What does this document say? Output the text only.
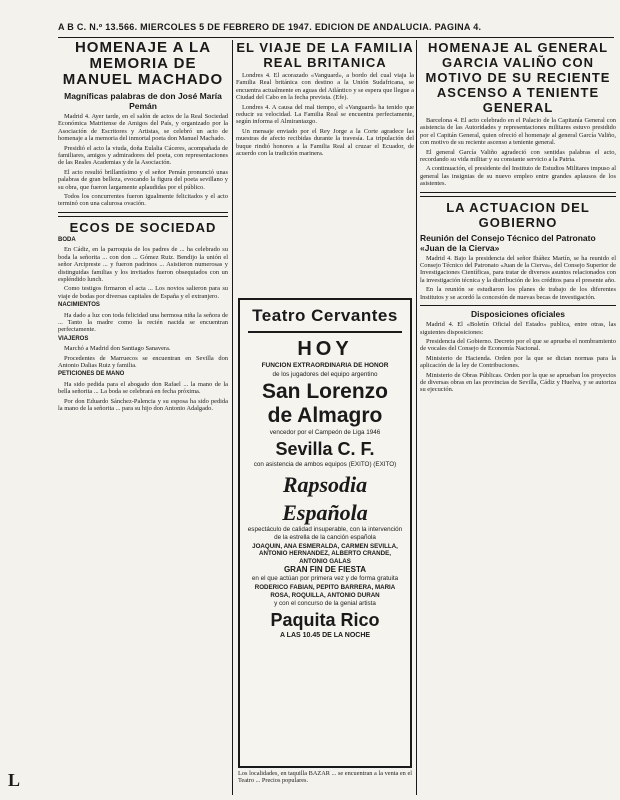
A B C. N.º 13.566. MIERCOLES 5 DE FEBRERO DE 1947. EDICION DE ANDALUCIA. PAGINA 4.
HOMENAJE A LA MEMORIA DE MANUEL MACHADO
Magníficas palabras de don José María Pemán

Madrid 4. Ayer tarde, en el salón de actos de la Real Sociedad Económica Matritense de Amigos del País, y organizado por la Asociación de Escritores y Artistas, se celebró un acto de homenaje a la memoria del inmortal poeta don Manuel Machado.

Presidió el acto la viuda, doña Eulalia Cáceres, acompañada de familiares, amigos y admiradores del poeta, con representaciones de las Reales Academias y de la Asociación.

El acto resultó brillantísimo y el señor Pemán pronunció unas palabras de gran belleza, evocando la figura del poeta sevillano y su obra, que fueron largamente aplaudidas por el público.

Todos los concurrentes fueron igualmente felicitados y el acto terminó con una calurosa ovación.

ECOS DE SOCIEDAD

BODA

En Cádiz, en la parroquia de los padres de ... ha celebrado su boda la señorita ... con don ... Gómez Ruiz. Bendijo la unión el señor Arcipreste ... y fueron padrinos ... Asistieron numerosas y distinguidas familias y los invitados fueron obsequiados con un espléndido lunch.

Como testigos firmaron el acta ... Los novios salieron para su viaje de bodas por diversas capitales de España y el extranjero.

NACIMIENTOS

Ha dado a luz con toda felicidad una hermosa niña la señora de ... Tanto la madre como la recién nacida se encuentran perfectamente.

VIAJEROS

Marchó a Madrid don Santiago Sanavera.

Procedentes de Marruecos se encuentran en Sevilla don Antonio Dalias Ruiz y familia.

PETICIONES DE MANO

Ha sido pedida para el abogado don Rafael ... la mano de la bella señorita ... La boda se celebrará en fecha próxima.

Por don Eduardo Sánchez-Palencia y su esposa ha sido pedida la mano de la señorita ... para su hijo don Antonio Adalgado.

EL VIAJE DE LA FAMILIA REAL BRITANICA

Londres 4. El acorazado «Vanguard», a bordo del cual viaja la Familia Real británica con destino a la Unión Sudafricana, se encuentra actualmente en aguas del Atlántico y se espera que llegue a Ciudad del Cabo en la fecha prevista. (Efe).

Londres 4. A causa del mal tiempo, el «Vanguard» ha tenido que reducir su velocidad. La Familia Real se encuentra perfectamente, según informa el Almirantazgo.

Un mensaje enviado por el Rey Jorge a la Corte agradece las muestras de afecto recibidas durante la travesía. La tripulación del buque rindió honores a la Familia Real al cruzar el Ecuador, de acuerdo con la tradición marinera.

Teatro Cervantes
HOY
FUNCION EXTRAORDINARIA DE HONOR
de los jugadores del equipo argentino
San Lorenzo
de Almagro
vencedor por el Campeón de Liga 1946
Sevilla C. F.
con asistencia de ambos equipos (EXITO) (EXITO)
Rapsodia
Española
espectáculo de calidad insuperable, con la intervención de la estrella de la canción española
JOAQUIN, ANA ESMERALDA, CARMEN SEVILLA, ANTONIO HERNANDEZ, ALBERTO CRANDE, ANTONIO GALAS
GRAN FIN DE FIESTA
en el que actúan por primera vez y de forma gratuita
RODERICO FABIAN, PEPITO BARRERA, MARIA ROSA, ROQUILLA, ANTONIO DURAN
y con el concurso de la genial artista
Paquita Rico
A LAS 10.45 DE LA NOCHE
Los localidades, en taquilla BAZAR ... se encuentran a la venta en el Teatro ... Precios populares.
HOMENAJE AL GENERAL GARCIA VALIÑO CON MOTIVO DE SU RECIENTE ASCENSO A TENIENTE GENERAL

Barcelona 4. El acto celebrado en el Palacio de la Capitanía General con asistencia de las Autoridades y representaciones militares estuvo presidido por el Capitán General, quien ofreció el homenaje al general García Valiño, con motivo de su reciente ascenso a teniente general.

El general García Valiño agradeció con sentidas palabras el acto, recordando su vida militar y su constante servicio a la Patria.

A continuación, el presidente del Instituto de Estudios Militares impuso al general las insignias de su nuevo empleo entre grandes aplausos de los asistentes.

LA ACTUACION DEL GOBIERNO
Reunión del Consejo Técnico del Patronato «Juan de la Cierva»

Madrid 4. Bajo la presidencia del señor Ibáñez Martín, se ha reunido el Consejo Técnico del Patronato «Juan de la Cierva», del Consejo Superior de Investigaciones Científicas, para tratar de diversos asuntos relacionados con la investigación técnica y la distribución de los créditos para el presente año.

En la reunión se estudiaron los planes de trabajo de los diferentes Institutos y se acordó la concesión de nuevas becas de investigación.

Disposiciones oficiales

Madrid 4. El «Boletín Oficial del Estado» publica, entre otras, las siguientes disposiciones:

Presidencia del Gobierno. Decreto por el que se aprueba el nombramiento de vocales del Consejo de Economía Nacional.

Ministerio de Hacienda. Orden por la que se dictan normas para la aplicación de la ley de Contribuciones.

Ministerio de Obras Públicas. Orden por la que se aprueban los proyectos de diversas obras en las provincias de Sevilla, Cádiz y Huelva, y se autoriza su ejecución.

L
